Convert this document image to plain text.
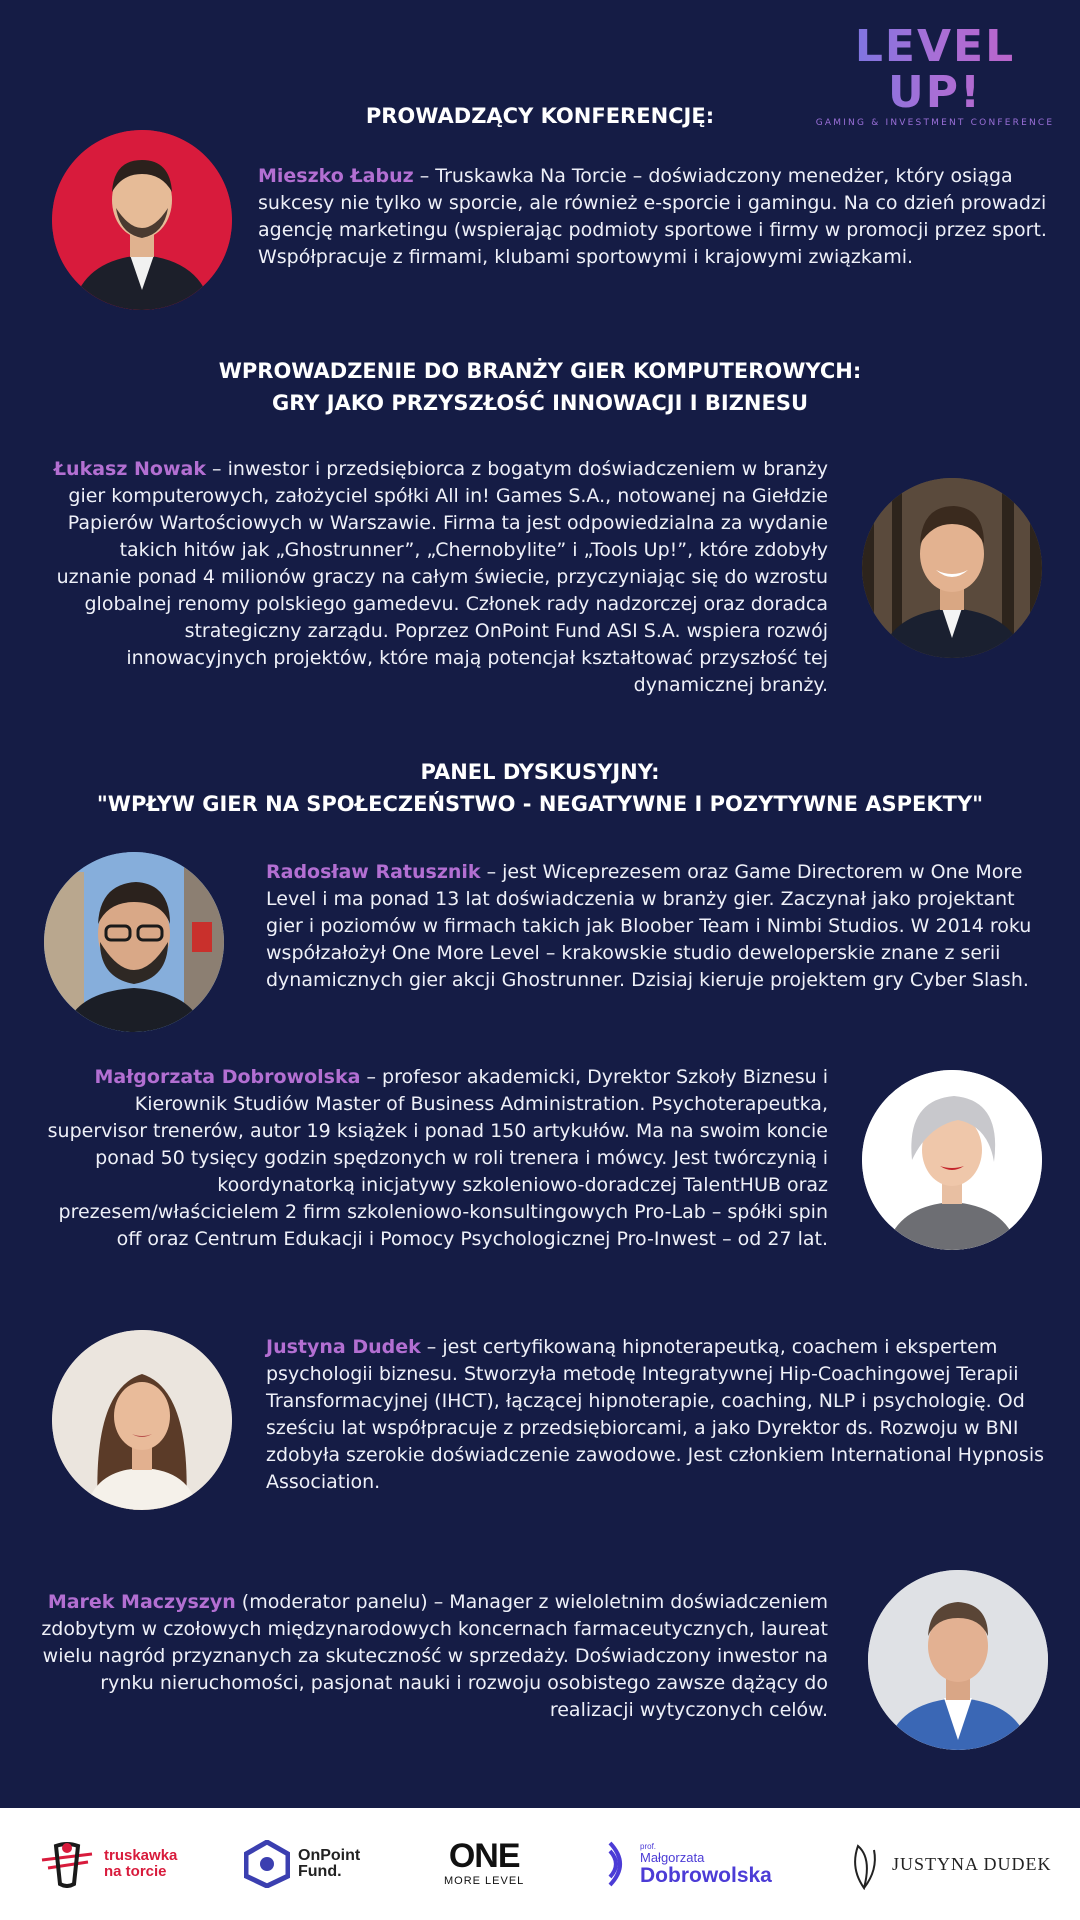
LEVEL UP!
GAMING & INVESTMENT CONFERENCE
PROWADZĄCY KONFERENCJĘ:

Mieszko Łabuz – Truskawka Na Torcie – doświadczony menedżer, który osiąga sukcesy nie tylko w sporcie, ale również e-sporcie i gamingu. Na co dzień prowadzi agencję marketingu (wspierając podmioty sportowe i firmy w promocji przez sport. Współpracuje z firmami, klubami sportowymi i krajowymi związkami.

WPROWADZENIE DO BRANŻY GIER KOMPUTEROWYCH:
GRY JAKO PRZYSZŁOŚĆ INNOWACJI I BIZNESU

Łukasz Nowak – inwestor i przedsiębiorca z bogatym doświadczeniem w branży gier komputerowych, założyciel spółki All in! Games S.A., notowanej na Giełdzie Papierów Wartościowych w Warszawie. Firma ta jest odpowiedzialna za wydanie takich hitów jak „Ghostrunner”, „Chernobylite” i „Tools Up!”, które zdobyły uznanie ponad 4 milionów graczy na całym świecie, przyczyniając się do wzrostu globalnej renomy polskiego gamedevu. Członek rady nadzorczej oraz doradca strategiczny zarządu. Poprzez OnPoint Fund ASI S.A. wspiera rozwój innowacyjnych projektów, które mają potencjał kształtować przyszłość tej dynamicznej branży.

PANEL DYSKUSYJNY:
"WPŁYW GIER NA SPOŁECZEŃSTWO - NEGATYWNE I POZYTYWNE ASPEKTY"

Radosław Ratusznik – jest Wiceprezesem oraz Game Directorem w One More Level i ma ponad 13 lat doświadczenia w branży gier. Zaczynał jako projektant gier i poziomów w firmach takich jak Bloober Team i Nimbi Studios. W 2014 roku współzałożył One More Level – krakowskie studio deweloperskie znane z serii dynamicznych gier akcji Ghostrunner. Dzisiaj kieruje projektem gry Cyber Slash.

Małgorzata Dobrowolska – profesor akademicki, Dyrektor Szkoły Biznesu i Kierownik Studiów Master of Business Administration. Psychoterapeutka, supervisor trenerów, autor 19 książek i ponad 150 artykułów. Ma na swoim koncie ponad 50 tysięcy godzin spędzonych w roli trenera i mówcy. Jest twórczynią i koordynatorką inicjatywy szkoleniowo-doradczej TalentHUB oraz prezesem/właścicielem 2 firm szkoleniowo-konsultingowych Pro-Lab – spółki spin off oraz Centrum Edukacji i Pomocy Psychologicznej Pro-Inwest – od 27 lat.

Justyna Dudek – jest certyfikowaną hipnoterapeutką, coachem i ekspertem psychologii biznesu. Stworzyła metodę Integratywnej Hip-Coachingowej Terapii Transformacyjnej (IHCT), łączącej hipnoterapie, coaching, NLP i psychologię. Od sześciu lat współpracuje z przedsiębiorcami, a jako Dyrektor ds. Rozwoju w BNI zdobyła szerokie doświadczenie zawodowe. Jest członkiem International Hypnosis Association.

Marek Maczyszyn (moderator panelu) – Manager z wieloletnim doświadczeniem zdobytym w czołowych międzynarodowych koncernach farmaceutycznych, laureat wielu nagród przyznanych za skuteczność w sprzedaży. Doświadczony inwestor na rynku nieruchomości, pasjonat nauki i rozwoju osobistego zawsze dążący do realizacji wytyczonych celów.

truskawka
na torcie
OnPoint
Fund.	ONE
MORE LEVEL
prof.
Małgorzata
Dobrowolska	JUSTYNA DUDEK
